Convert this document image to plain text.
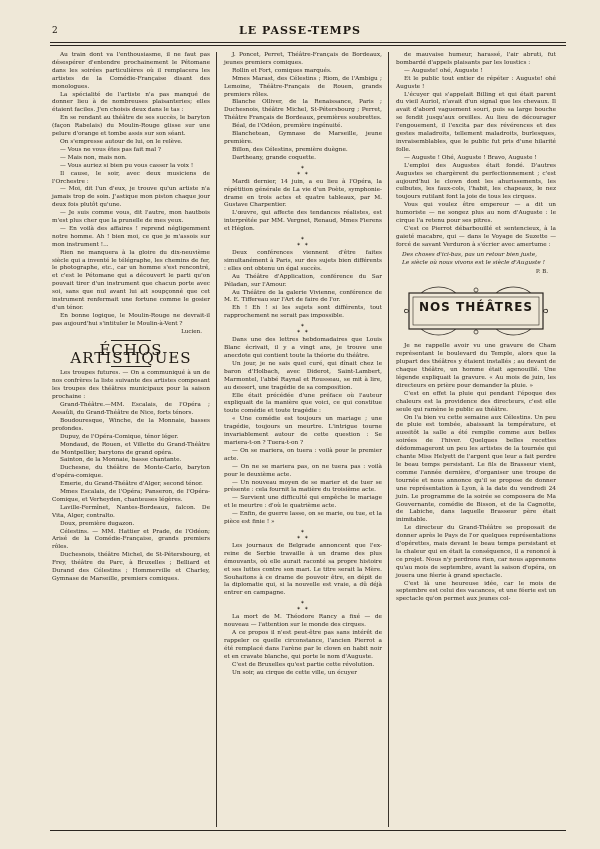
2	LE PASSE-TEMPS

Au train dont va l'enthousiasme, il ne faut pas désespérer d'entendre prochainement le Pétomane dans les soirées particulières où il remplacera les artistes de la Comédie-Française disant des monologues.

La spécialité de l'artiste n'a pas manqué de donner lieu à de nombreuses plaisanteries; elles étaient faciles. J'en choisis deux dans le tas :

En se rendant au théâtre de ses succès, le baryton (façon Rabelais) du Moulin-Rouge glisse sur une pelure d'orange et tombe assis sur son séant.

On s'empresse autour de lui, on le relève.

— Vous ne vous êtes pas fait mal ?

— Mais non, mais non.

— Vous auriez si bien pu vous casser la voix !

Il cause, le soir, avec deux musiciens de l'Orchestre :

— Moi, dit l'un d'eux, je trouve qu'un artiste n'a jamais trop de soin. J'astique mon piston chaque jour deux fois plutôt qu'une.

— Je suis comme vous, dit l'autre, mon hautbois m'est plus cher que la prunelle de mes yeux.

— En voilà des affaires ! reprend négligemment notre homme. Ah ! bien moi, ce que je m'assois sur mon instrument !...

Rien ne manquera à la gloire du dix-neuvième siècle qui a inventé le télégraphe, les chemins de fer, le photographe, etc., car un homme s'est rencontré, et c'est le Pétomane qui a découvert le parti qu'on pouvait tirer d'un instrument que chacun porte avec soi, sans que nul avant lui ait soupçonné que cet instrument renfermait une fortune comme le gosier d'un ténor.

En bonne logique, le Moulin-Rouge ne devrait-il pas aujourd'hui s'intituler le Moulin-à-Vent ?

Lucien.

ÉCHOS ARTISTIQUES

Les troupes futures. — On a communiqué à un de nos confrères la liste suivante des artistes composant les troupes des théâtres municipaux pour la saison prochaine :

Grand-Théâtre.—MM. Escalais, de l'Opéra ; Assaûli, du Grand-Théâtre de Nice, forts ténors.

Boudouresque, Winche, de la Monnaie, basses profondes.

Dupuy, de l'Opéra-Comique, ténor léger.

Mondaud, de Rouen, et Villette du Grand-Théâtre de Montpellier, barytons de grand opéra.

Sainton, de la Monnaie, basse chantante.

Duchesne, du théâtre de Monte-Carlo, baryton d'opéra-comique.

Emerie, du Grand-Théâtre d'Alger, second ténor.

Mmes Escalais, de l'Opéra; Panseron, de l'Opéra-Comique, et Verheyden, chanteuses légères.

Laville-Fermînet, Nantes-Bordeaux, falcon. De Vita, Alger, contralto.

Doux, première dugazon.

Célestins. — MM. Hattier et Prade, de l'Odéon; Arisé de la Comédie-Française, grands premiers rôles.

Duchesnois, théâtre Michel, de St-Pétersbourg, et Frey, théâtre du Parc, à Bruxelles ; Belliard et Durand des Célestins ; Hommerville et Charley, Gymnase de Marseille, premiers comiques.

J. Poncet, Perret, Théâtre-Français de Bordeaux, jeunes premiers comiques.

Rollin et Fort, comiques marqués.

Mmes Marast, des Célestins ; Riom, de l'Ambigu ; Lemoine, Théâtre-Français de Rouen, grands premiers rôles.

Blanche Olliver, de la Renaissance, Paris ; Duchesnois, théâtre Michel, St-Pétersbourg ; Perret, Théâtre Français de Bordeaux, premières soubrettes.

Béal, de l'Odéon, première ingénuité.

Blanchetean, Gymnase de Marseille, jeune première.

Billon, des Célestins, première duègne.

Dartheany, grande coquette.

✶
✶ ✶

Mardi dernier, 14 juin, a eu lieu à l'Opéra, la répétition générale de La vie d'un Poète, symphonie-drame en trois actes et quatre tableaux, par M. Gustave Charpentier.

L'œuvre, qui affecte des tendances réalistes, est interprétée par MM. Vergnet, Renaud, Mmes Fierens et Héglon.

✶
✶ ✶

Deux conférences viennent d'être faites simultanément à Paris, sur des sujets bien différents : elles ont obtenu un égal succès.

Au Théâtre d'Application, conférence du Sar Péladan, sur l'Amour.

Au Théâtre de la galerie Vivienne, conférence de M. E. Tiffereau sur l'Art de faire de l'or.

Eh ! Eh ! si les sujets sont différents, tout rapprochement ne serait pas impossible.

✶
✶ ✶

Dans une des lettres hebdomadaires que Louis Blanc écrivait, il y a vingt ans, je trouve une anecdote qui contient toute la théorie du théâtre.

Un jour, je ne sais quel curé, qui dînait chez le baron d'Holbach, avec Diderot, Saint-Lambert, Marmontel, l'abbé Raynal et Rousseau, se mit à lire, au dessert, une tragédie de sa composition.

Elle était précédée d'une préface où l'auteur expliquait de la manière que voici, ce qui constitue toute comédie et toute tragédie :

« Une comédie est toujours un mariage ; une tragédie, toujours un meurtre. L'intrigue tourne invariablement autour de cette question : Se mariera-t-on ? Tuera-t-on ?

— On se mariera, on tuera : voilà pour le premier acte.

— On ne se mariera pas, on ne tuera pas : voilà pour le deuxième acte.

— Un nouveau moyen de se marier et de tuer se présente : cela fournit la matière du troisième acte.

— Survient une difficulté qui empêche le mariage et le meurtre : d'où le quatrième acte.

— Enfin, de guerre lasse, on se marie, ou tue, et la pièce est finie ! »

✶
✶ ✶

Les journaux de Belgrade annoncent que l'ex-reine de Serbie travaille à un drame des plus émouvants, où elle aurait raconté sa propre histoire et ses luttes contre son mari. Le titre serait la Mère. Souhaitons à ce drame de pouvoir être, en dépit de la diplomatie qui, si la nouvelle est vraie, a dû déjà entrer en campagne.

✶
✶ ✶

La mort de M. Théodore Rancy a fixé — de nouveau — l'attention sur le monde des cirques.

A ce propos il n'est peut-être pas sans intérêt de rappeler ce quelle circonstance, l'ancien Pierrot a été remplacé dans l'arène par le clown en habit noir et en cravate blanche, qui porte le nom d'Auguste.

C'est de Bruxelles qu'est partie cette révolution.

Un soir, au cirque de cette ville, un écuyer

de mauvaise humeur, harassé, l'air abruti, fut bombardé d'appels plaisants par les loustics :

— Auguste! ohé, Auguste !

Et le public tout entier de répéter : Auguste! ohé Auguste !

L'écuyer qui s'appelait Billing et qui était parent du vieil Auriol, n'avait d'un signal que les chevaux. Il avait d'abord vaguement souri, puis sa large bouche se fendit jusqu'aux oreilles. Au lieu de décourager l'engouement, il l'excita par des révérences et des gestes maladroits, tellement maladroits, burlesques, invraisemblables, que le public fut pris d'une hilarité folle.

— Auguste ! Ohé, Auguste ! Bravo, Auguste !

L'emploi des Augustes était fondé. D'autres Augustes se chargèrent du perfectionnement ; c'est aujourd'hui le clown dont les ahurissements, les culbutes, les faux-cols, l'habit, les chapeaux, le nez toujours rutilant font la joie de tous les cirques.

Vous qui voulez être empereur — a dit un humoriste — ne songez plus au nom d'Auguste : le cirque l'a retenu pour ses pitres.

C'est ce Pierrot débarbouillé et sentencieux, à la gaieté macabre, qui — dans le Voyage de Suzette — forcé de savant Verduron à s'écrier avec amertume :

Des choses d'ici-bas, pas un retour bien juste,

Le siècle où nous vivons est le siècle d'Auguste !

P. B.

NOS THÉÂTRES

Je ne rappelle avoir vu une gravure de Cham représentant le boulevard du Temple, alors que la plupart des théâtres y étaient installés ; au devant de chaque théâtre, un homme était agenouillé. Une légende expliquait la gravure. « Au mois de juin, les directeurs en prière pour demander la pluie. »

C'est en effet la pluie qui pendant l'époque des chaleurs est la providence des directeurs, c'est elle seule qui ramène le public au théâtre.

On l'a bien vu cette semaine aux Célestins. Un peu de pluie est tombée, abaissant la température, et aussitôt la salle a été remplie comme aux belles soirées de l'hiver. Quelques belles recettes dédommageront un peu les artistes de la tournée qui chante Miss Helyett de l'argent que leur a fait perdre le beau temps persistant. Le fils de Brasseur vient, comme l'année dernière, d'organiser une troupe de tournée et nous annonce qu'il se propose de donner une représentation à Lyon, à la date du vendredi 24 juin. Le programme de la soirée se composera de Ma Gouvernante, comédie de Bisson, et de la Cagnotte, de Labiche, dans laquelle Brasseur père était inimitable.

Le directeur du Grand-Théâtre se proposait de donner après le Pays de l'or quelques représentations d'opérettes, mais devant le beau temps persistant et la chaleur qui en était la conséquence, il a renoncé à ce projet. Nous n'y perdrons rien, car nous apprenons qu'au mois de septembre, avant la saison d'opéra, on jouera une féerie à grand spectacle.

C'est là une heureuse idée, car le mois de septembre est celui des vacances, et une féerie est un spectacle qu'on permet aux jeunes col-
